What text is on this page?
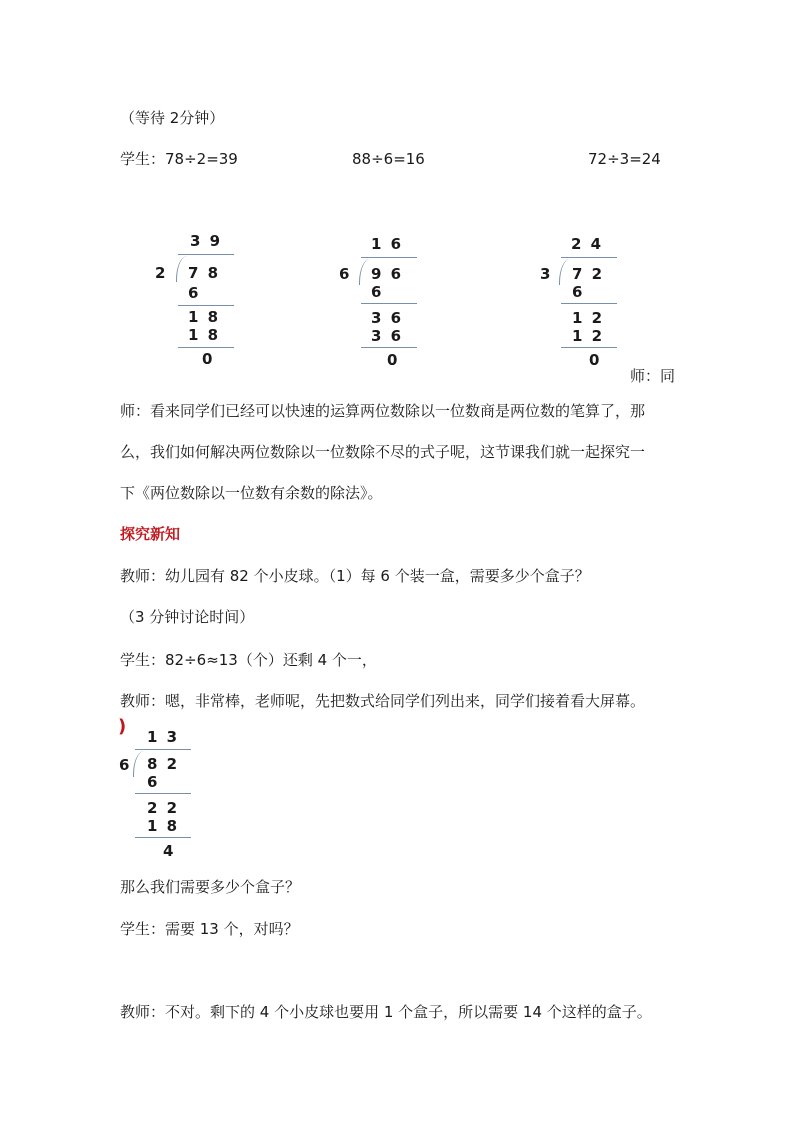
（等待 2分钟）
学生：78÷2=39	88÷6=16	72÷3=24
3 9
2 7 8
6
1 8
1 8
0
1 6
6 9 6
6
3 6
3 6
0
2 4
3 7 2
6
1 2
1 2
0
师：同
师：看来同学们已经可以快速的运算两位数除以一位数商是两位数的笔算了，那
么，我们如何解决两位数除以一位数除不尽的式子呢，这节课我们就一起探究一
下《两位数除以一位数有余数的除法》。
探究新知
教师：幼儿园有 82 个小皮球。（1）每 6 个装一盒，需要多少个盒子？
（3 分钟讨论时间）
学生：82÷6≈13（个）还剩 4 个一，
教师：嗯，非常棒，老师呢，先把数式给同学们列出来，同学们接着看大屏幕。
) 1 3
6 8 2
6
2 2
1 8
4
那么我们需要多少个盒子？
学生：需要 13 个，对吗？
教师：不对。剩下的 4 个小皮球也要用 1 个盒子，所以需要 14 个这样的盒子。
